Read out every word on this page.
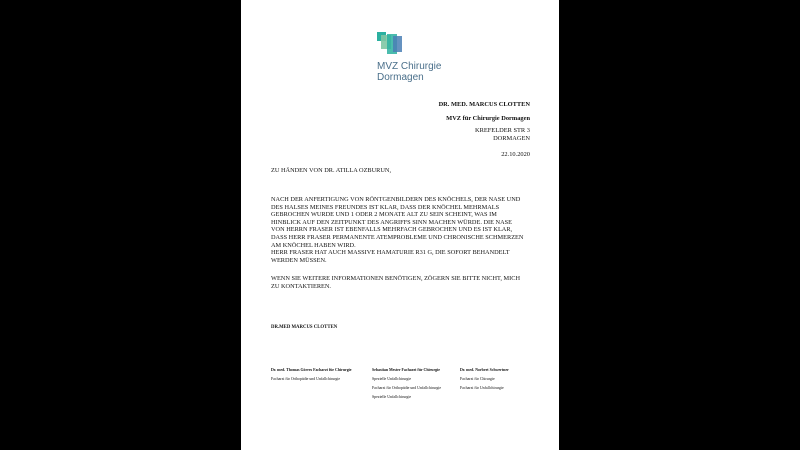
MVZ Chirurgie
Dormagen
DR. MED. MARCUS CLOTTEN
MVZ für Chirurgie Dormagen
KREFELDER STR 3
DORMAGEN
22.10.2020
ZU HÄNDEN VON DR. ATILLA OZBURUN,
NACH DER ANFERTIGUNG VON RÖNTGENBILDERN DES KNÖCHELS, DER NASE UND
DES HALSES MEINES FREUNDES IST KLAR, DASS DER KNÖCHEL MEHRMALS
GEBROCHEN WURDE UND 1 ODER 2 MONATE ALT ZU SEIN SCHEINT, WAS IM
HINBLICK AUF DEN ZEITPUNKT DES ANGRIFFS SINN MACHEN WÜRDE. DIE NASE
VON HERRN FRASER IST EBENFALLS MEHRFACH GEBROCHEN UND ES IST KLAR,
DASS HERR FRASER PERMANENTE ATEMPROBLEME UND CHRONISCHE SCHMERZEN
AM KNÖCHEL HABEN WIRD.
HERR FRASER HAT AUCH MASSIVE HAMATURIE R31 G, DIE SOFORT BEHANDELT
WERDEN MÜSSEN.
WENN SIE WEITERE INFORMATIONEN BENÖTIGEN, ZÖGERN SIE BITTE NICHT, MICH
ZU KONTAKTIEREN.
DR.MED MARCUS CLOTTEN
Dr. med. Thomas Görres Facharzt für Chirurgie
Facharzt für Orthopädie und Unfallchirurgie
Sebastian Mester Facharzt für Chirurgie
Spezielle Unfallchirurgie
Facharzt für Orthopädie und Unfallchirurgie
Spezielle Unfallchirurgie
Dr. med. Norbert Schwertner
Facharzt für Chirurgie
Facharzt für Unfallchirurgie
